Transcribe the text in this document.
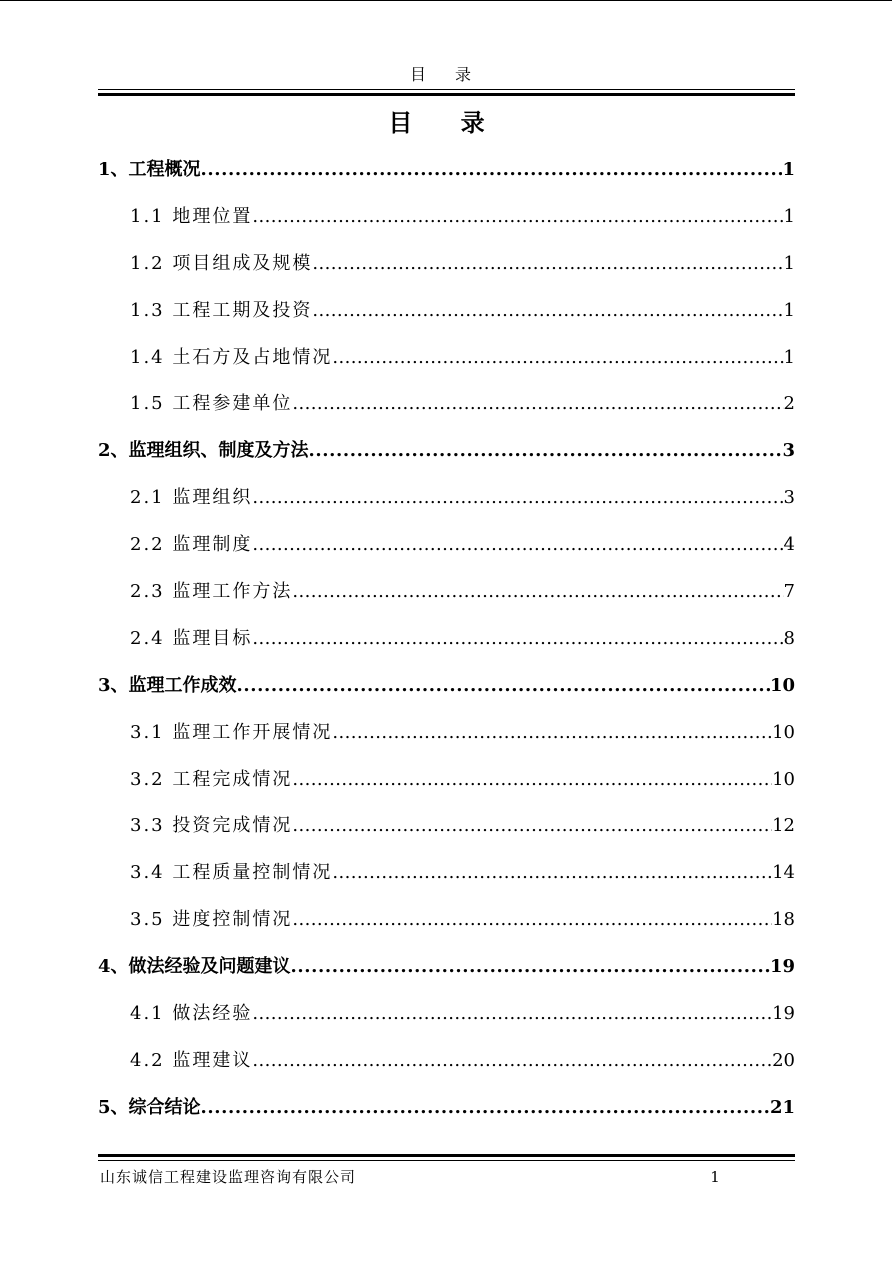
目 录
目 录
1、工程概况 .....	1
1.1 地理位置 .....	1
1.2 项目组成及规模 .....	1
1.3 工程工期及投资 .....	1
1.4 土石方及占地情况 .....	1
1.5 工程参建单位 .....	2
2、监理组织、制度及方法 .....	3
2.1 监理组织 .....	3
2.2 监理制度 .....	4
2.3 监理工作方法 .....	7
2.4 监理目标 .....	8
3、监理工作成效 .....	10
3.1 监理工作开展情况 .....	10
3.2 工程完成情况 .....	10
3.3 投资完成情况 .....	12
3.4 工程质量控制情况 .....	14
3.5 进度控制情况 .....	18
4、做法经验及问题建议 .....	19
4.1 做法经验 .....	19
4.2 监理建议 .....	20
5、综合结论 .....	21
山东诚信工程建设监理咨询有限公司	1
